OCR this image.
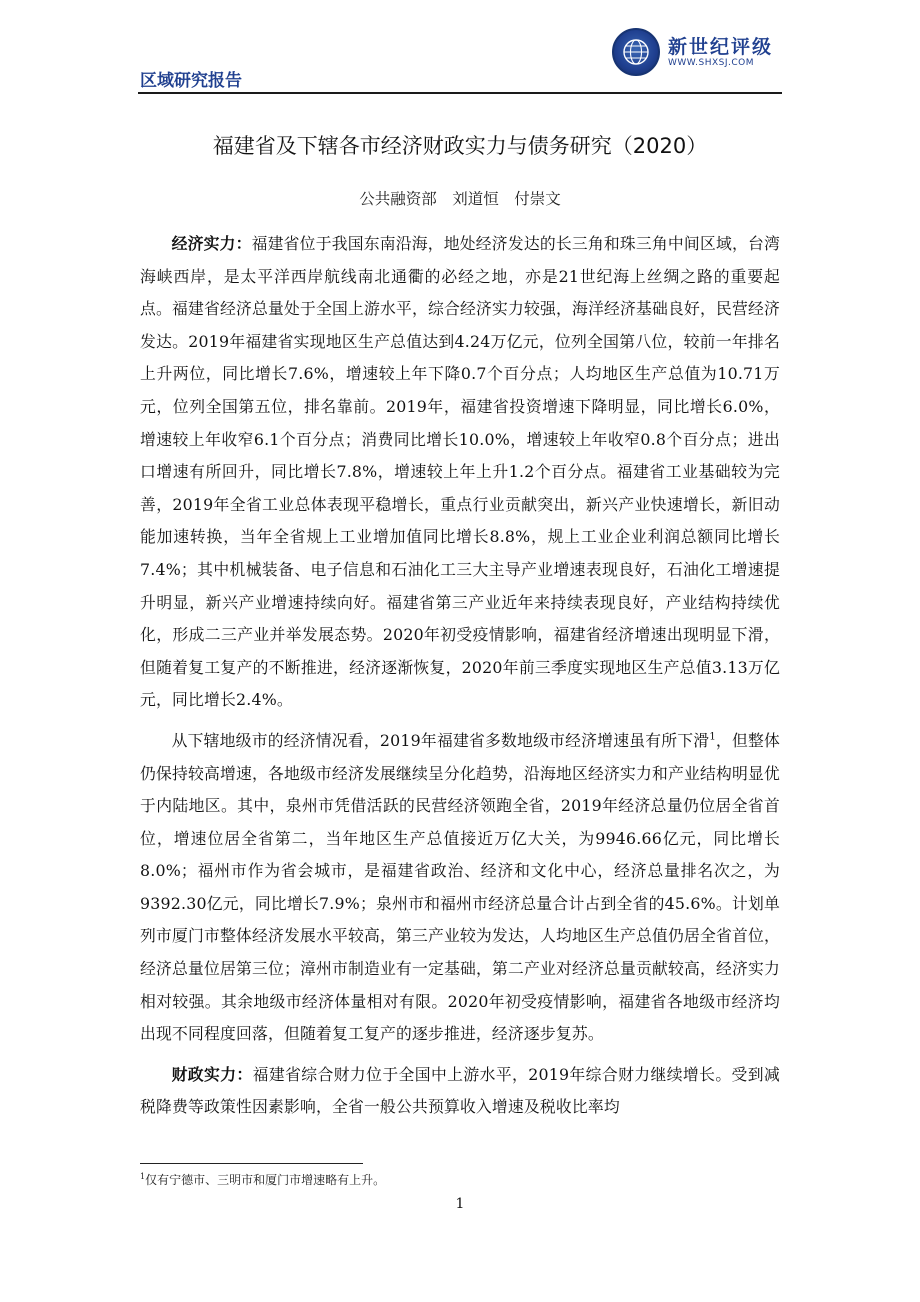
区域研究报告
新世纪评级
WWW.SHXSJ.COM
福建省及下辖各市经济财政实力与债务研究（2020）
公共融资部　刘道恒　付崇文

经济实力：福建省位于我国东南沿海，地处经济发达的长三角和珠三角中间区域，台湾海峡西岸，是太平洋西岸航线南北通衢的必经之地，亦是21世纪海上丝绸之路的重要起点。福建省经济总量处于全国上游水平，综合经济实力较强，海洋经济基础良好，民营经济发达。2019年福建省实现地区生产总值达到4.24万亿元，位列全国第八位，较前一年排名上升两位，同比增长7.6%，增速较上年下降0.7个百分点；人均地区生产总值为10.71万元，位列全国第五位，排名靠前。2019年，福建省投资增速下降明显，同比增长6.0%，增速较上年收窄6.1个百分点；消费同比增长10.0%，增速较上年收窄0.8个百分点；进出口增速有所回升，同比增长7.8%，增速较上年上升1.2个百分点。福建省工业基础较为完善，2019年全省工业总体表现平稳增长，重点行业贡献突出，新兴产业快速增长，新旧动能加速转换，当年全省规上工业增加值同比增长8.8%，规上工业企业利润总额同比增长7.4%；其中机械装备、电子信息和石油化工三大主导产业增速表现良好，石油化工增速提升明显，新兴产业增速持续向好。福建省第三产业近年来持续表现良好，产业结构持续优化，形成二三产业并举发展态势。2020年初受疫情影响，福建省经济增速出现明显下滑，但随着复工复产的不断推进，经济逐渐恢复，2020年前三季度实现地区生产总值3.13万亿元，同比增长2.4%。

从下辖地级市的经济情况看，2019年福建省多数地级市经济增速虽有所下滑$^1$，但整体仍保持较高增速，各地级市经济发展继续呈分化趋势，沿海地区经济实力和产业结构明显优于内陆地区。其中，泉州市凭借活跃的民营经济领跑全省，2019年经济总量仍位居全省首位，增速位居全省第二，当年地区生产总值接近万亿大关，为9946.66亿元，同比增长8.0%；福州市作为省会城市，是福建省政治、经济和文化中心，经济总量排名次之，为9392.30亿元，同比增长7.9%；泉州市和福州市经济总量合计占到全省的45.6%。计划单列市厦门市整体经济发展水平较高，第三产业较为发达，人均地区生产总值仍居全省首位，经济总量位居第三位；漳州市制造业有一定基础，第二产业对经济总量贡献较高，经济实力相对较强。其余地级市经济体量相对有限。2020年初受疫情影响，福建省各地级市经济均出现不同程度回落，但随着复工复产的逐步推进，经济逐步复苏。

财政实力：福建省综合财力位于全国中上游水平，2019年综合财力继续增长。受到减税降费等政策性因素影响，全省一般公共预算收入增速及税收比率均

$^1$仅有宁德市、三明市和厦门市增速略有上升。
1
